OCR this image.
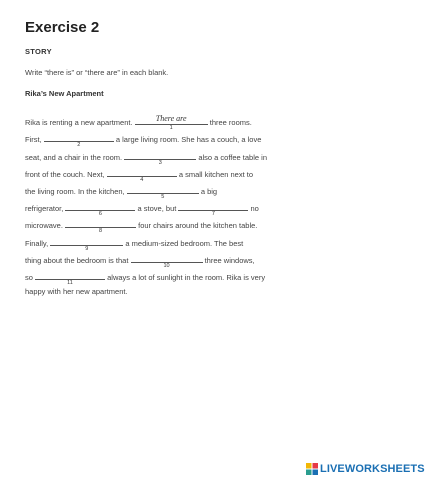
Exercise 2
STORY
Write “there is” or “there are” in each blank.
Rika’s New Apartment
Rika is renting a new apartment.	There are
1
three rooms.
First,
2
a large living room. She has a couch, a love
seat, and a chair in the room.
3
also a coffee table in
front of the couch. Next,
4
a small kitchen next to
the living room. In the kitchen,
5
a big
refrigerator,
6
a stove, but
7
no
microwave.
8
four chairs around the kitchen table.
Finally,
9
a medium-sized bedroom. The best
thing about the bedroom is that
10
three windows,
so
11
always a lot of sunlight in the room. Rika is very
happy with her new apartment.
LIVEWORKSHEETS
